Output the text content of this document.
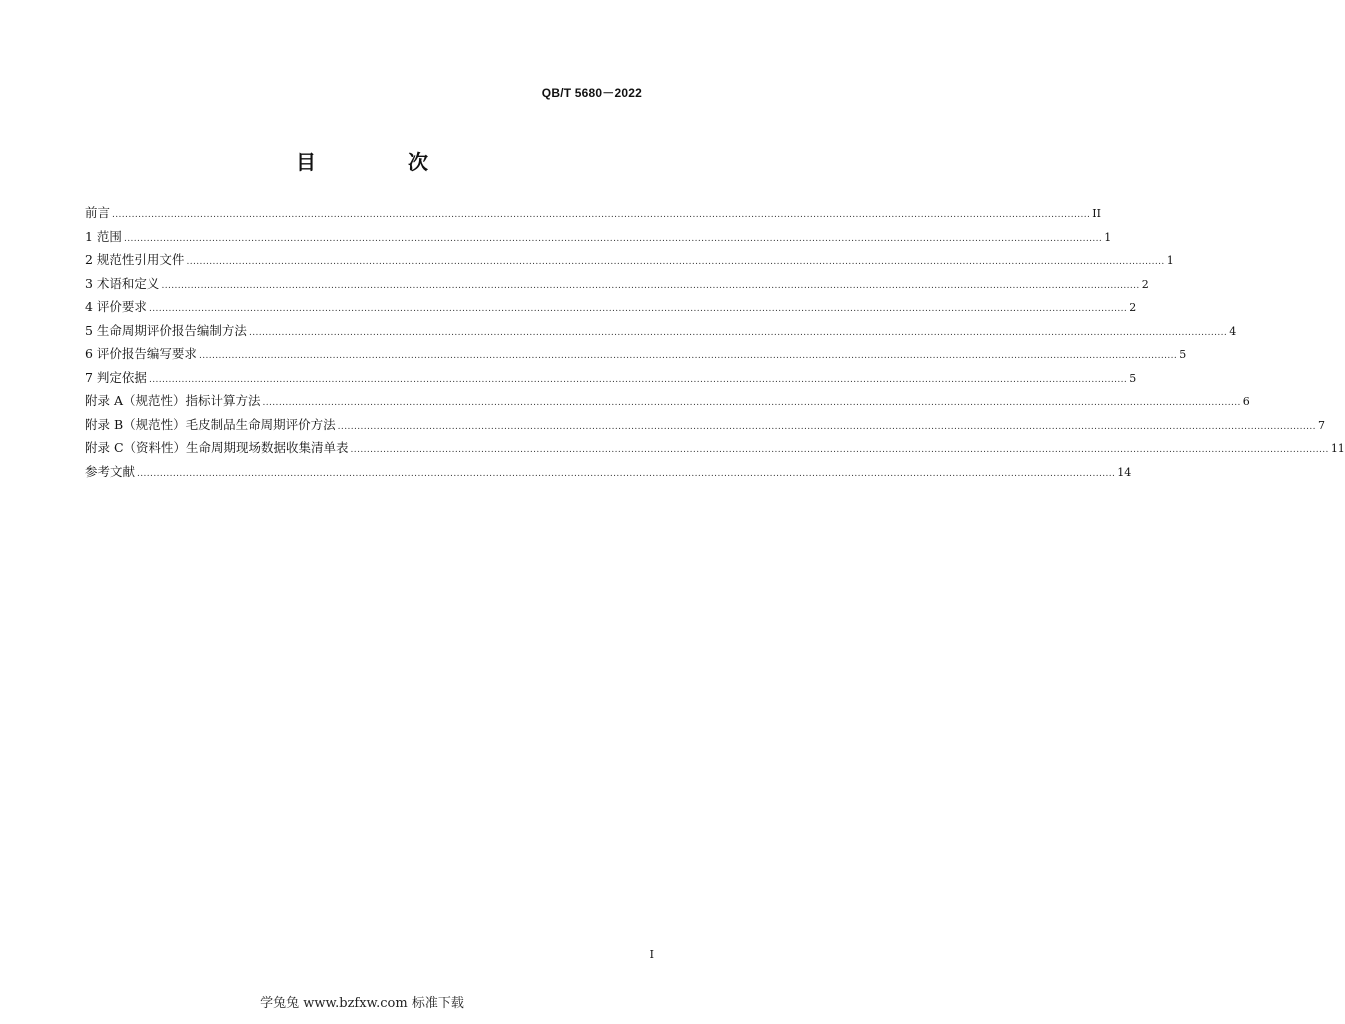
QB/T 5680－2022
目　次
前言 ............................................................................................................................................................................................................................................................................................................ II
1 范围 ............................................................................................................................................................................................................................................................................................................ 1
2 规范性引用文件 ............................................................................................................................................................................................................................................................................................................ 1
3 术语和定义 ............................................................................................................................................................................................................................................................................................................ 2
4 评价要求 ............................................................................................................................................................................................................................................................................................................ 2
5 生命周期评价报告编制方法 ............................................................................................................................................................................................................................................................................................................ 4
6 评价报告编写要求 ............................................................................................................................................................................................................................................................................................................ 5
7 判定依据 ............................................................................................................................................................................................................................................................................................................ 5
附录 A（规范性）指标计算方法 ............................................................................................................................................................................................................................................................................................................ 6
附录 B（规范性）毛皮制品生命周期评价方法 ............................................................................................................................................................................................................................................................................................................ 7
附录 C（资料性）生命周期现场数据收集清单表 ............................................................................................................................................................................................................................................................................................................ 11
参考文献 ............................................................................................................................................................................................................................................................................................................ 14
I
学兔兔 www.bzfxw.com 标准下载
